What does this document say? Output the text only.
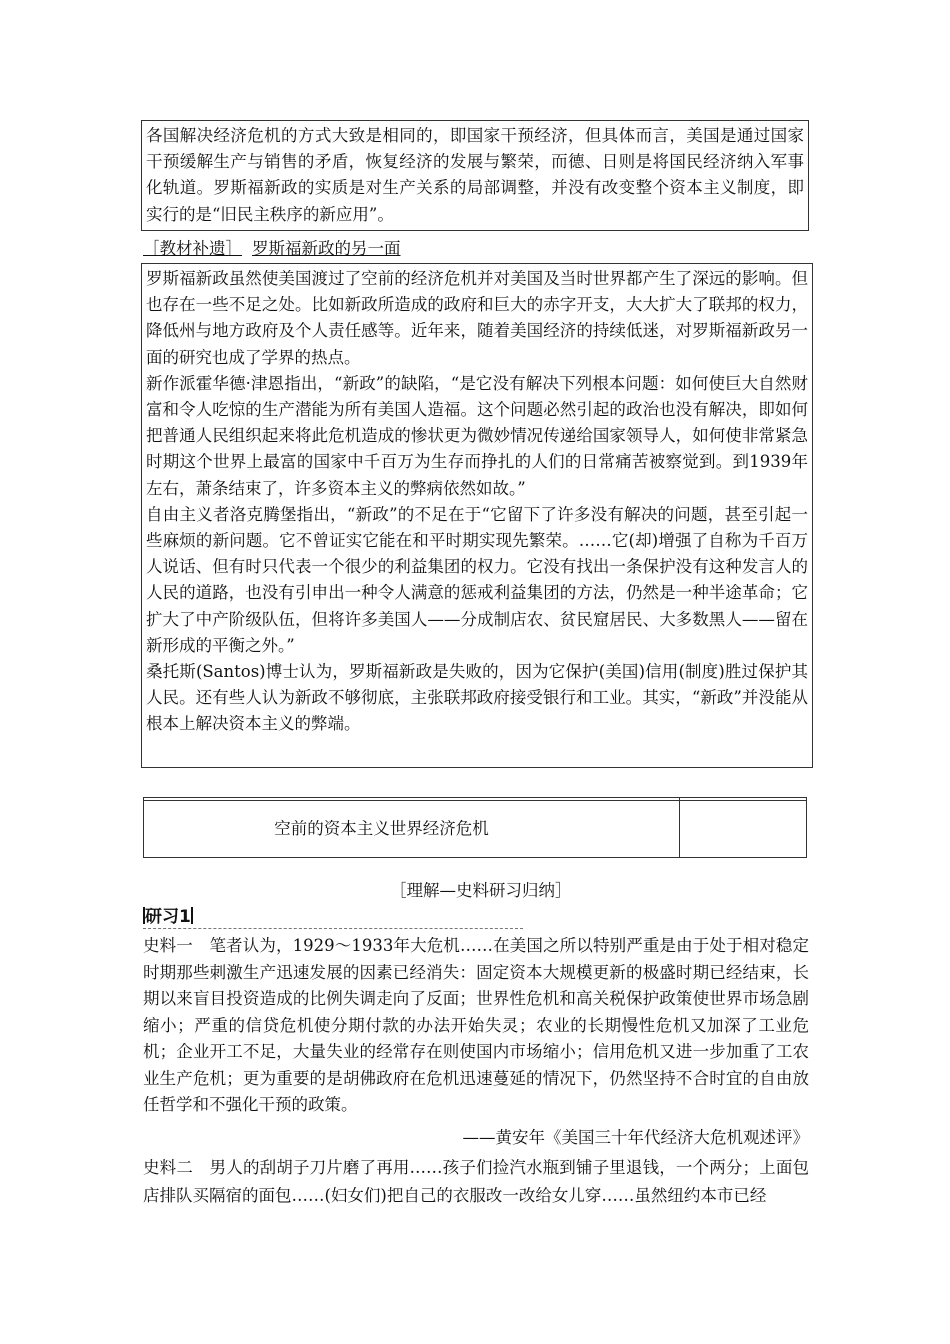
各国解决经济危机的方式大致是相同的，即国家干预经济，但具体而言，美国是通过国家干预缓解生产与销售的矛盾，恢复经济的发展与繁荣，而德、日则是将国民经济纳入军事化轨道。罗斯福新政的实质是对生产关系的局部调整，并没有改变整个资本主义制度，即实行的是“旧民主秩序的新应用”。

［教材补遗］ 罗斯福新政的另一面

罗斯福新政虽然使美国渡过了空前的经济危机并对美国及当时世界都产生了深远的影响。但也存在一些不足之处。比如新政所造成的政府和巨大的赤字开支，大大扩大了联邦的权力，降低州与地方政府及个人责任感等。近年来，随着美国经济的持续低迷，对罗斯福新政另一面的研究也成了学界的热点。

新作派霍华德·津恩指出，“新政”的缺陷，“是它没有解决下列根本问题：如何使巨大自然财富和令人吃惊的生产潜能为所有美国人造福。这个问题必然引起的政治也没有解决，即如何把普通人民组织起来将此危机造成的惨状更为微妙情况传递给国家领导人，如何使非常紧急时期这个世界上最富的国家中千百万为生存而挣扎的人们的日常痛苦被察觉到。到1939年左右，萧条结束了，许多资本主义的弊病依然如故。”

自由主义者洛克腾堡指出，“新政”的不足在于“它留下了许多没有解决的问题，甚至引起一些麻烦的新问题。它不曾证实它能在和平时期实现先繁荣。……它(却)增强了自称为千百万人说话、但有时只代表一个很少的利益集团的权力。它没有找出一条保护没有这种发言人的人民的道路，也没有引申出一种令人满意的惩戒利益集团的方法，仍然是一种半途革命；它扩大了中产阶级队伍，但将许多美国人——分成制店农、贫民窟居民、大多数黑人——留在新形成的平衡之外。”

桑托斯(Santos)博士认为，罗斯福新政是失败的，因为它保护(美国)信用(制度)胜过保护其人民。还有些人认为新政不够彻底，主张联邦政府接受银行和工业。其实，“新政”并没能从根本上解决资本主义的弊端。

空前的资本主义世界经济危机	

［理解—史料研习归纳］
研习1
史料一　笔者认为，1929～1933年大危机……在美国之所以特别严重是由于处于相对稳定时期那些刺激生产迅速发展的因素已经消失：固定资本大规模更新的极盛时期已经结束，长期以来盲目投资造成的比例失调走向了反面；世界性危机和高关税保护政策使世界市场急剧缩小；严重的信贷危机使分期付款的办法开始失灵；农业的长期慢性危机又加深了工业危机；企业开工不足，大量失业的经常存在则使国内市场缩小；信用危机又进一步加重了工农业生产危机；更为重要的是胡佛政府在危机迅速蔓延的情况下，仍然坚持不合时宜的自由放任哲学和不强化干预的政策。
——黄安年《美国三十年代经济大危机观述评》
史料二　男人的刮胡子刀片磨了再用……孩子们捡汽水瓶到铺子里退钱，一个两分；上面包店排队买隔宿的面包……(妇女们)把自己的衣服改一改给女儿穿……虽然纽约本市已经
